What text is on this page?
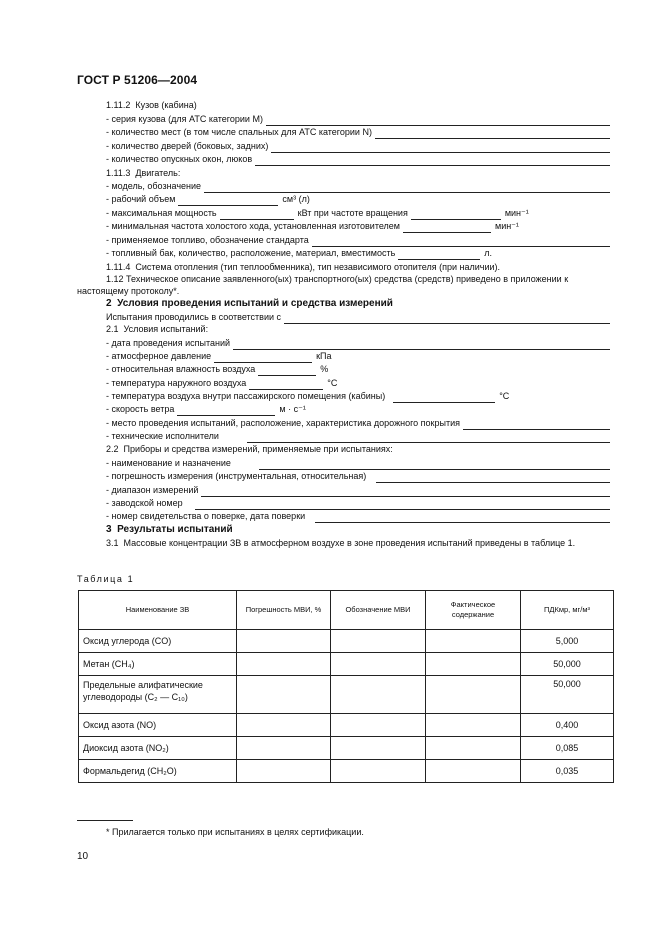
ГОСТ Р 51206—2004
1.11.2  Кузов (кабина)
- серия кузова (для АТС категории М)
- количество мест (в том числе спальных для АТС категории N)
- количество дверей (боковых, задних)
- количество опускных окон, люков
1.11.3  Двигатель:
- модель, обозначение
- рабочий объем	см³ (л)
- максимальная мощность	кВт при частоте вращения	мин⁻¹
- минимальная частота холостого хода, установленная изготовителем	мин⁻¹
- применяемое топливо, обозначение стандарта
- топливный бак, количество, расположение, материал, вместимость	л.
1.11.4  Система отопления (тип теплообменника), тип независимого отопителя (при наличии).
1.12 Техническое описание заявленного(ых) транспортного(ых) средства (средств) приведено в приложении к настоящему протоколу*.
2  Условия проведения испытаний и средства измерений
Испытания проводились в соответствии с
2.1  Условия испытаний:
- дата проведения испытаний
- атмосферное давление	кПа
- относительная влажность воздуха	%
- температура наружного воздуха	°С
- температура воздуха внутри пассажирского помещения (кабины)	°С
- скорость ветра	м · с⁻¹
- место проведения испытаний, расположение, характеристика дорожного покрытия
- технические исполнители
2.2  Приборы и средства измерений, применяемые при испытаниях:
- наименование и назначение
- погрешность измерения (инструментальная, относительная)
- диапазон измерений
- заводской номер
- номер свидетельства о поверке, дата поверки
3  Результаты испытаний
3.1  Массовые концентрации ЗВ в атмосферном воздухе в зоне проведения испытаний приведены в таблице 1.
Таблица 1
Наименование ЗВ	Погрешность МВИ, %	Обозначение МВИ	Фактическое содержание	ПДКмр, мг/м³
Оксид углерода (CO)				5,000
Метан (CH₄)				50,000
Предельные алифатические углеводороды (C₂ — C₁₀)				50,000
Оксид азота (NO)				0,400
Диоксид азота (NO₂)				0,085
Формальдегид (CH₂O)				0,035
* Прилагается только при испытаниях в целях сертификации.
10
